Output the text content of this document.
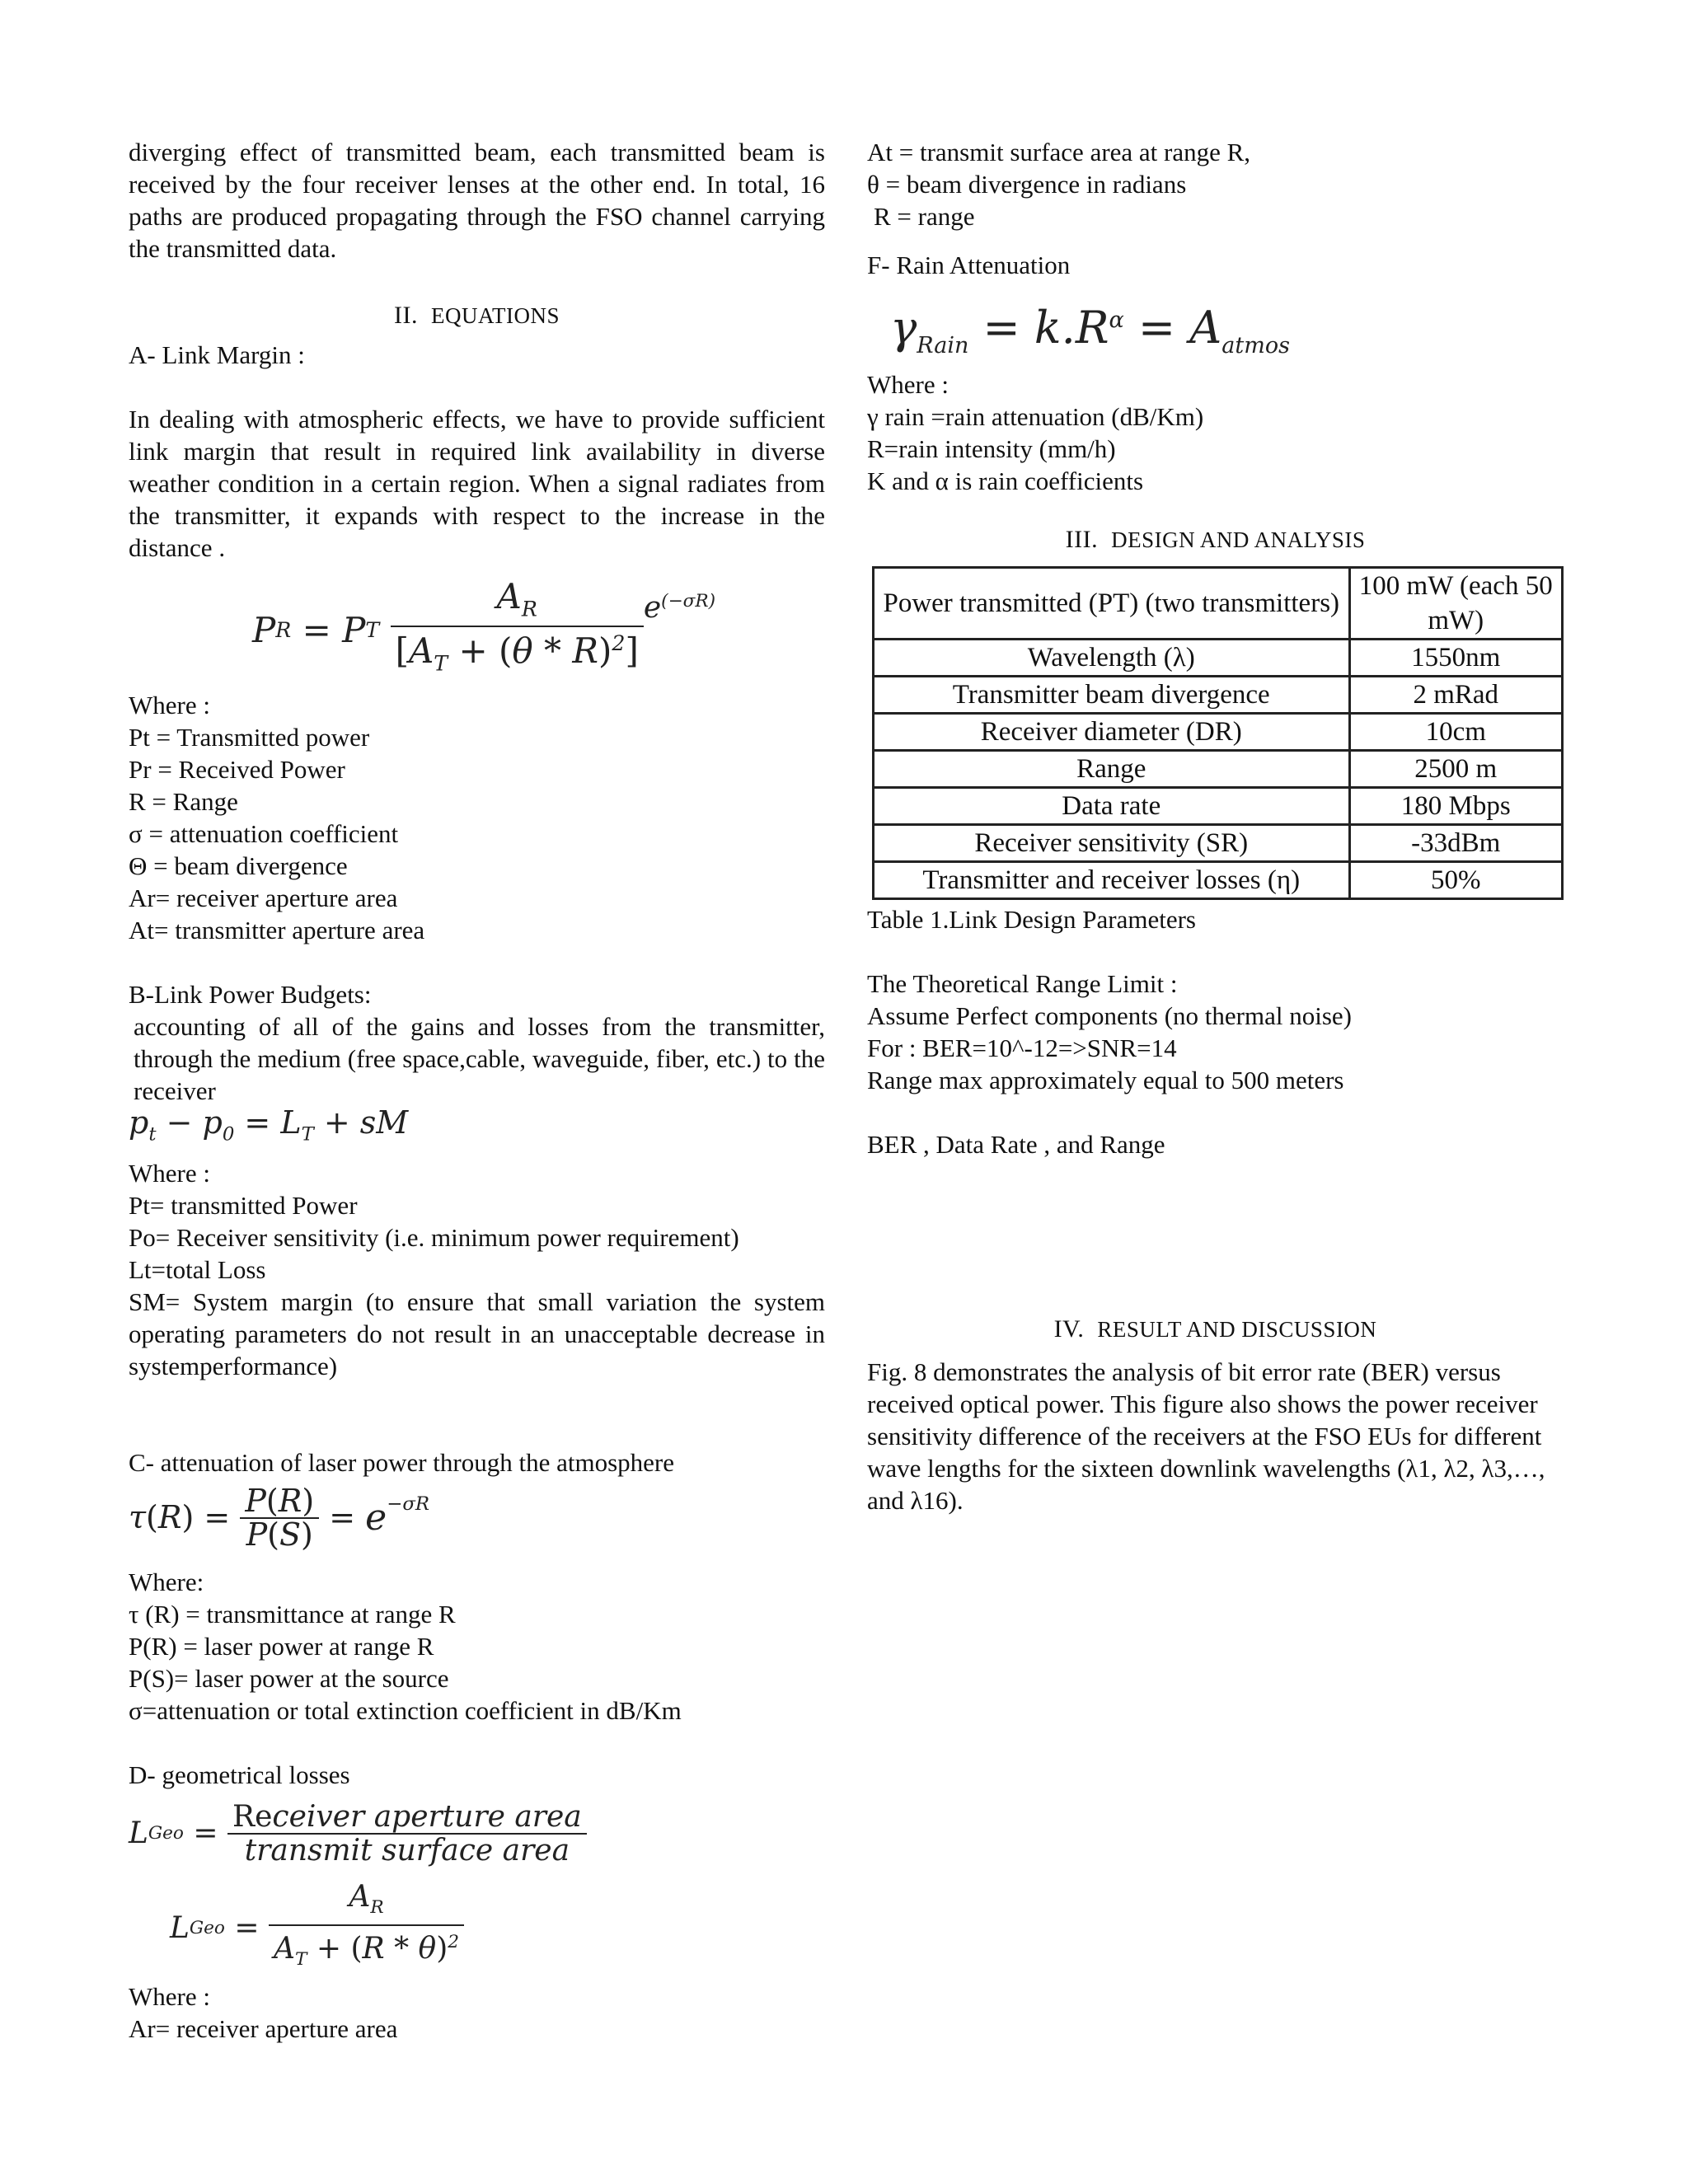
diverging effect of transmitted beam, each transmitted beam is received by the four receiver lenses at the other end. In total, 16 paths are produced propagating through the FSO channel carrying the transmitted data.

II. EQUATIONS

A- Link Margin :

In dealing with atmospheric effects, we have to provide sufficient link margin that result in required link availability in diverse weather condition in a certain region. When a signal radiates from the transmitter, it expands with respect to the increase in the distance .

P R = P T
$\frac{A_R}{[A_T + (\theta * R)^2]} e^{(-\sigma R)}$

Where :

Pt = Transmitted power

Pr = Received Power

R = Range

σ = attenuation coefficient

Θ = beam divergence

Ar= receiver aperture area

At= transmitter aperture area

B-Link Power Budgets:

accounting of all of the gains and losses from the transmitter, through the medium (free space,cable, waveguide, fiber, etc.) to the receiver

$p_t - p_0 = L_T$ + sM

Where :

Pt= transmitted Power

Po= Receiver sensitivity (i.e. minimum power requirement)

Lt=total Loss

SM= System margin (to ensure that small variation the system operating parameters do not result in an unacceptable decrease in systemperformance)

C- attenuation of laser power through the atmosphere

τ ( R ) = $\frac{P(R)}{P(S)} = e^{-\sigma R}$

Where:

τ (R) = transmittance at range R

P(R) = laser power at range R

P(S)= laser power at the source

σ=attenuation or total extinction coefficient in dB/Km

D- geometrical losses

L Geo = $\frac{\text{Receiver aperture area}}{\text{transmit surface area}}$
L Geo = $\frac{A_R}{A_T + (R * \theta)^2}$

Where :

Ar= receiver aperture area

At = transmit surface area at range R,

θ = beam divergence in radians

R = range

F- Rain Attenuation

$\gamma_{Rain} = k.R^\alpha = A_{atmos}$

Where :

γ rain =rain attenuation (dB/Km)

R=rain intensity (mm/h)

K and α is rain coefficients

III. DESIGN AND ANALYSIS

Power transmitted (PT) (two transmitters)	100 mW (each 50 mW)
Wavelength (λ)	1550nm
Transmitter beam divergence	2 mRad
Receiver diameter (DR)	10cm
Range	2500 m
Data rate	180 Mbps
Receiver sensitivity (SR)	-33dBm
Transmitter and receiver losses (η)	50%

Table 1.Link Design Parameters

The Theoretical Range Limit :

Assume Perfect components (no thermal noise)

For : BER=10^-12=>SNR=14

Range max approximately equal to 500 meters

BER , Data Rate , and Range

IV. RESULT AND DISCUSSION

Fig. 8 demonstrates the analysis of bit error rate (BER) versus received optical power. This figure also shows the power receiver sensitivity difference of the receivers at the FSO EUs for different wave lengths for the sixteen downlink wavelengths (λ1, λ2, λ3,…, and λ16).
